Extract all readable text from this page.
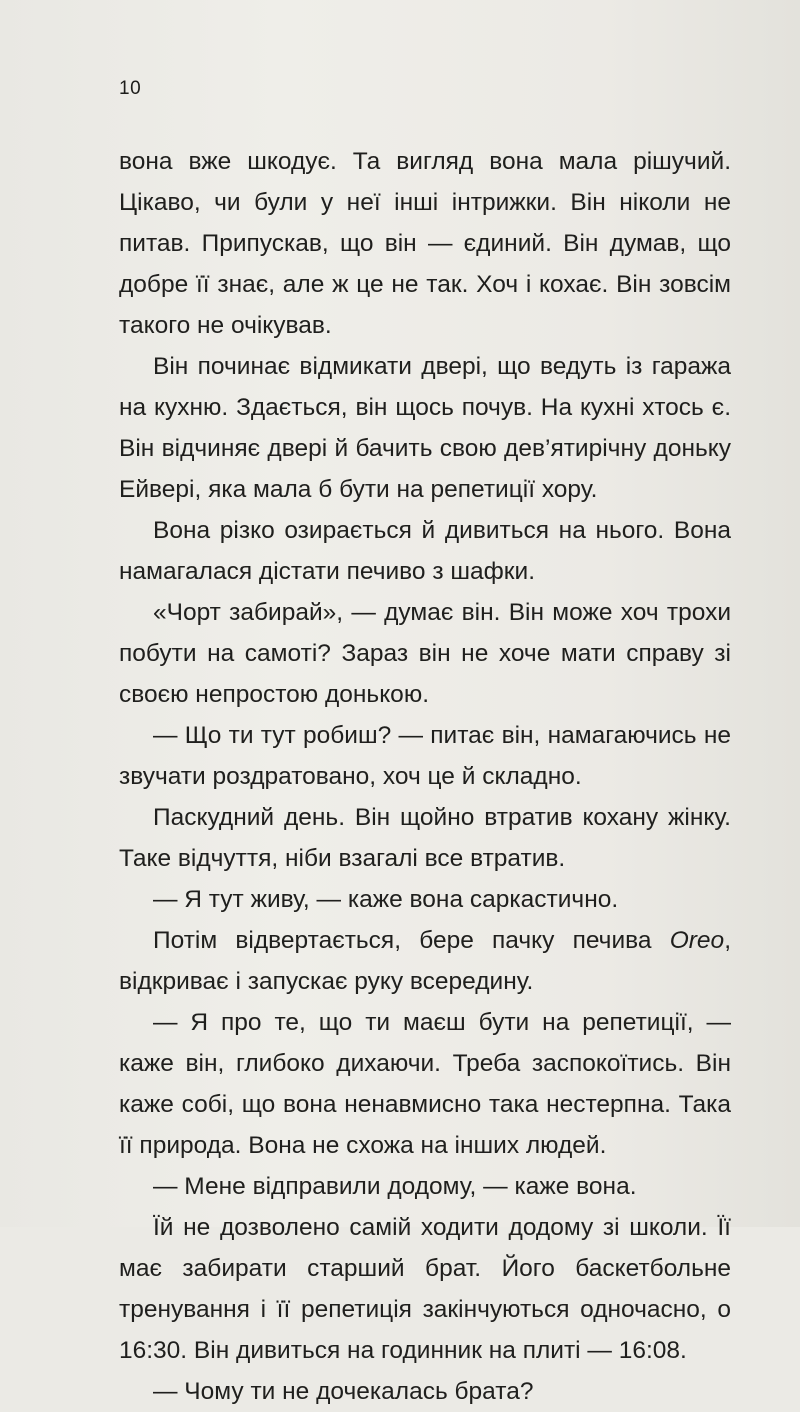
10

вона вже шкодує. Та вигляд вона мала рішучий. Цікаво, чи були у неї інші інтрижки. Він ніколи не питав. Припускав, що він — єдиний. Він думав, що добре її знає, але ж це не так. Хоч і кохає. Він зовсім такого не очікував.

Він починає відмикати двері, що ведуть із гаража на кухню. Здається, він щось почув. На кухні хтось є. Він відчиняє двері й бачить свою дев’ятирічну доньку Ейвері, яка мала б бути на репетиції хору.

Вона різко озирається й дивиться на нього. Вона намагалася дістати печиво з шафки.

«Чорт забирай», — думає він. Він може хоч трохи побути на самоті? Зараз він не хоче мати справу зі своєю непростою донькою.

— Що ти тут робиш? — питає він, намагаючись не звучати роздратовано, хоч це й складно.

Паскудний день. Він щойно втратив кохану жінку. Таке відчуття, ніби взагалі все втратив.

— Я тут живу, — каже вона саркастично.

Потім відвертається, бере пачку печива Oreo, відкриває і запускає руку всередину.

— Я про те, що ти маєш бути на репетиції, — каже він, глибоко дихаючи. Треба заспокоїтись. Він каже собі, що вона ненавмисно така нестерпна. Така її природа. Вона не схожа на інших людей.

— Мене відправили додому, — каже вона.

Їй не дозволено самій ходити додому зі школи. Її має забирати старший брат. Його баскетбольне тренування і її репетиція закінчуються одночасно, о 16:30. Він дивиться на годинник на плиті — 16:08.

— Чому ти не дочекалась брата?
